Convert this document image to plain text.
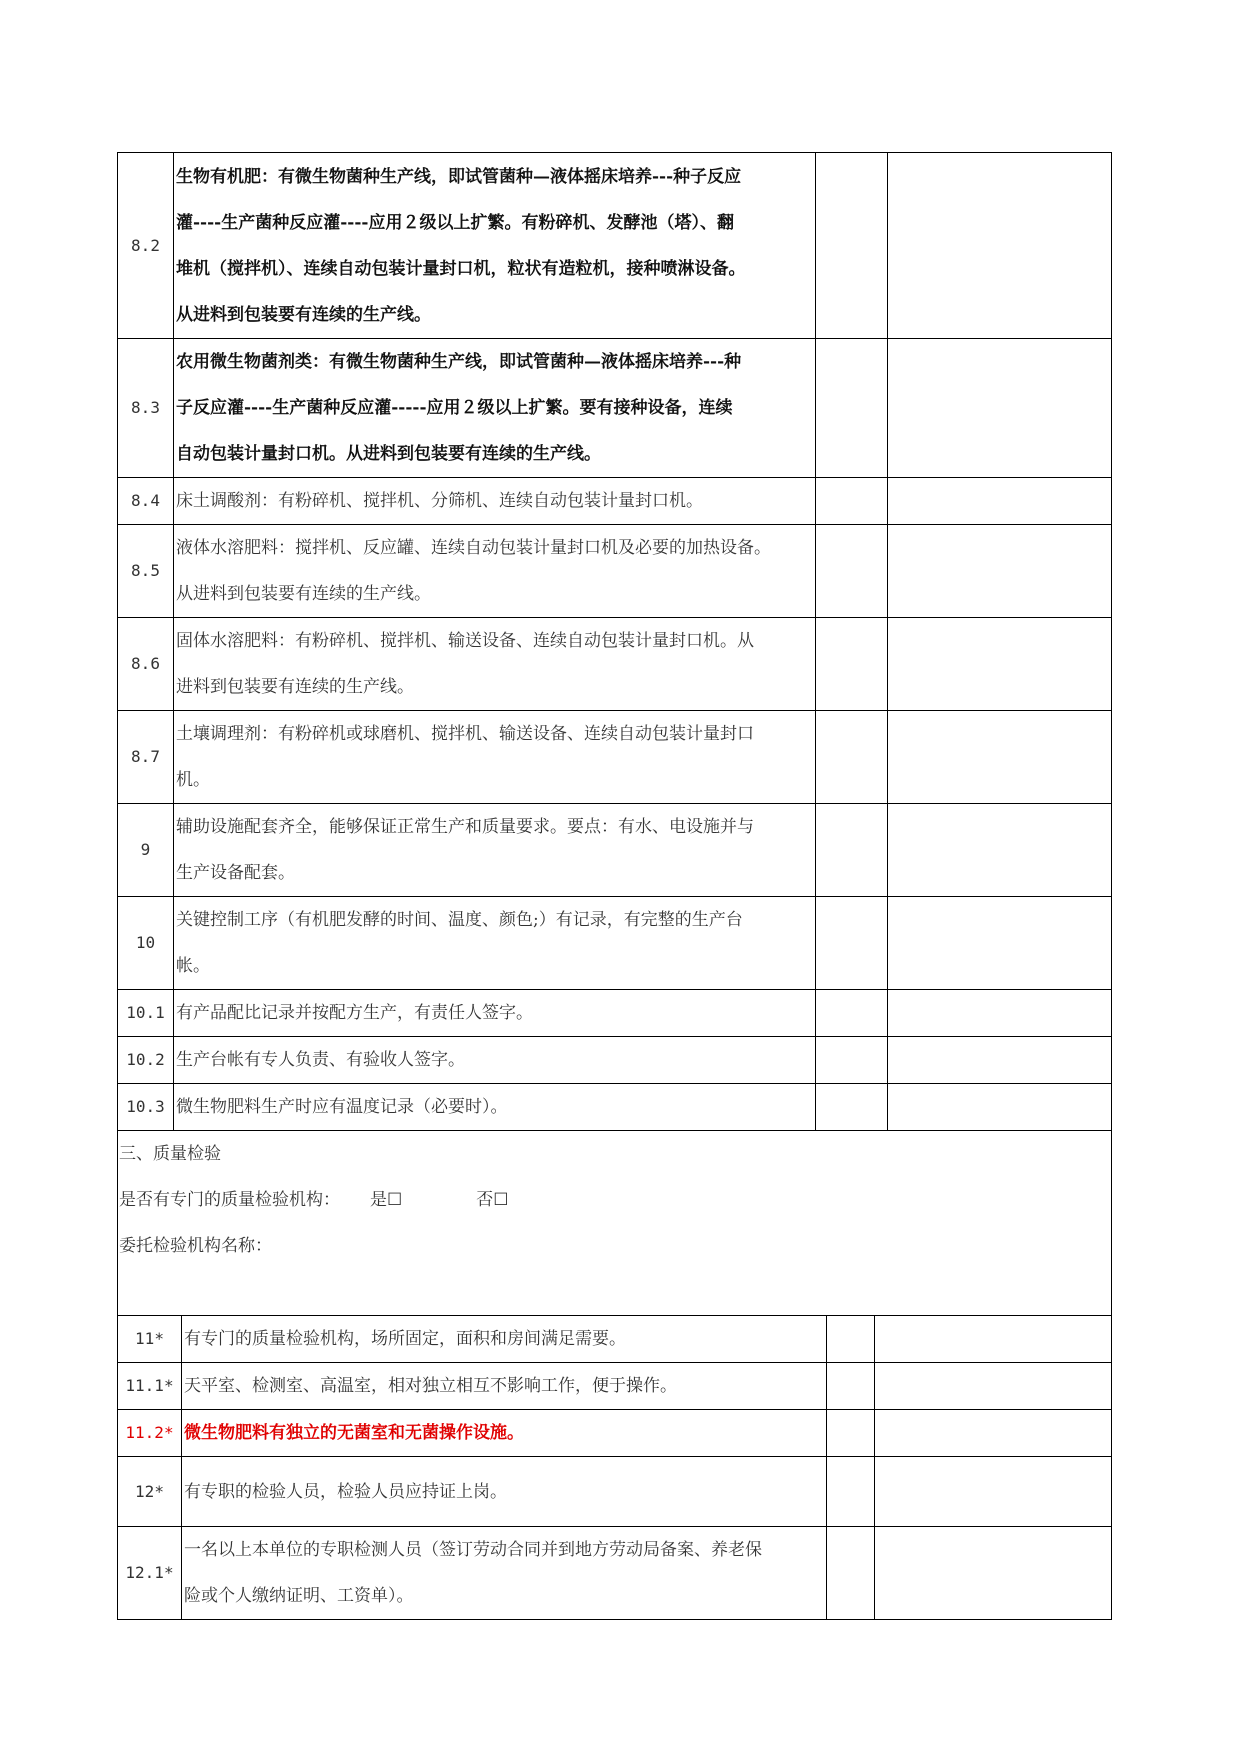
8.2	生物有机肥：有微生物菌种生产线，即试管菌种—液体摇床培养---种子反应
灌----生产菌种反应灌----应用２级以上扩繁。有粉碎机、发酵池（塔）、翻
堆机（搅拌机）、连续自动包装计量封口机，粒状有造粒机，接种喷淋设备。
从进料到包装要有连续的生产线。		

8.3	农用微生物菌剂类：有微生物菌种生产线，即试管菌种—液体摇床培养---种
子反应灌----生产菌种反应灌-----应用２级以上扩繁。要有接种设备，连续
自动包装计量封口机。从进料到包装要有连续的生产线。		

8.4	床土调酸剂：有粉碎机、搅拌机、分筛机、连续自动包装计量封口机。		

8.5	液体水溶肥料：搅拌机、反应罐、连续自动包装计量封口机及必要的加热设备。
从进料到包装要有连续的生产线。		

8.6	固体水溶肥料：有粉碎机、搅拌机、输送设备、连续自动包装计量封口机。从
进料到包装要有连续的生产线。		

8.7	土壤调理剂：有粉碎机或球磨机、搅拌机、输送设备、连续自动包装计量封口
机。		

9	辅助设施配套齐全，能够保证正常生产和质量要求。要点：有水、电设施并与
生产设备配套。		

10	关键控制工序（有机肥发酵的时间、温度、颜色;）有记录，有完整的生产台
帐。		

10.1	有产品配比记录并按配方生产，有责任人签字。		

10.2	生产台帐有专人负责、有验收人签字。		

10.3	微生物肥料生产时应有温度记录（必要时）。		

三、质量检验
是否有专门的质量检验机构： 是☐ 否☐
委托检验机构名称：			
11*	有专门的质量检验机构，场所固定，面积和房间满足需要。		

11.1*	天平室、检测室、高温室，相对独立相互不影响工作，便于操作。		

11.2*	微生物肥料有独立的无菌室和无菌操作设施。		

12*	有专职的检验人员，检验人员应持证上岗。		

12.1*	一名以上本单位的专职检测人员（签订劳动合同并到地方劳动局备案、养老保
险或个人缴纳证明、工资单）。		
